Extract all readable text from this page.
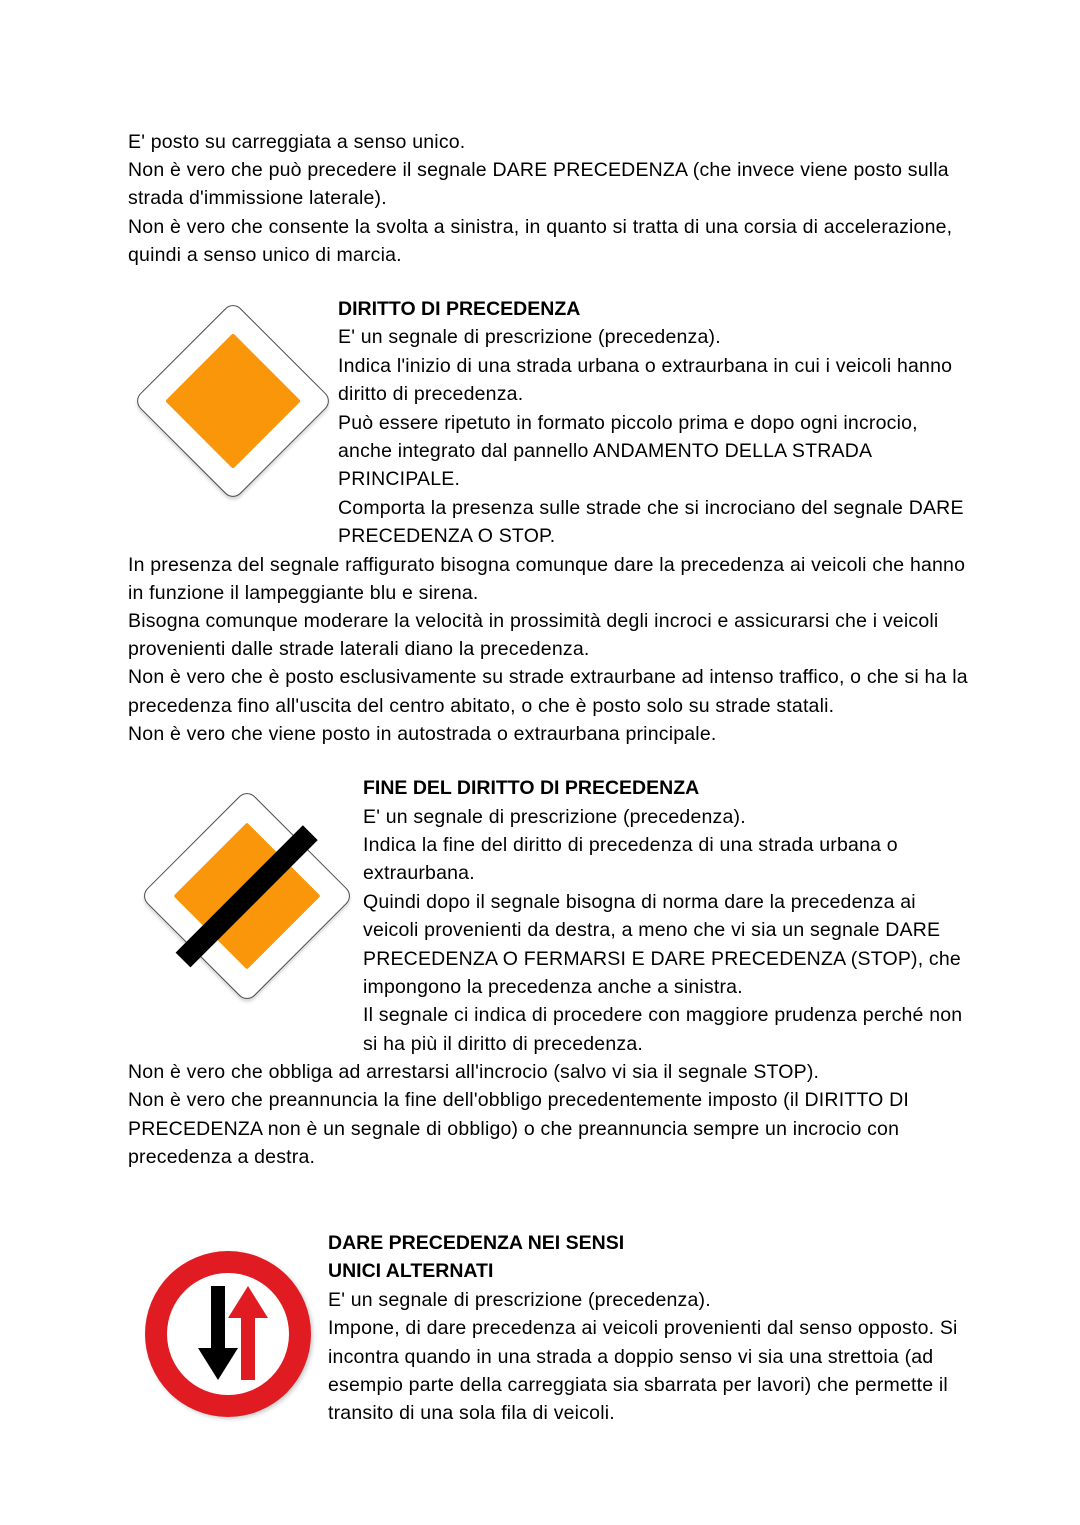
E' posto su carreggiata a senso unico.

Non è vero che può precedere il segnale DARE PRECEDENZA (che invece viene posto sulla strada d'immissione laterale).

Non è vero che consente la svolta a sinistra, in quanto si tratta di una corsia di accelerazione, quindi a senso unico di marcia.

DIRITTO DI PRECEDENZA

E' un segnale di prescrizione (precedenza).

Indica l'inizio di una strada urbana o extraurbana in cui i veicoli hanno diritto di precedenza.

Può essere ripetuto in formato piccolo prima e dopo ogni incrocio, anche integrato dal pannello ANDAMENTO DELLA STRADA PRINCIPALE.

Comporta la presenza sulle strade che si incrociano del segnale DARE PRECEDENZA O STOP.

In presenza del segnale raffigurato bisogna comunque dare la precedenza ai veicoli che hanno in funzione il lampeggiante blu e sirena.

Bisogna comunque moderare la velocità in prossimità degli incroci e assicurarsi che i veicoli provenienti dalle strade laterali diano la precedenza.

Non è vero che è posto esclusivamente su strade extraurbane ad intenso traffico, o che si ha la precedenza fino all'uscita del centro abitato, o che è posto solo su strade statali.

Non è vero che viene posto in autostrada o extraurbana principale.

FINE DEL DIRITTO DI PRECEDENZA

E' un segnale di prescrizione (precedenza).

Indica la fine del diritto di precedenza di una strada urbana o extraurbana.

Quindi dopo il segnale bisogna di norma dare la precedenza ai veicoli provenienti da destra, a meno che vi sia un segnale DARE PRECEDENZA O FERMARSI E DARE PRECEDENZA (STOP), che impongono la precedenza anche a sinistra.

Il segnale ci indica di procedere con maggiore prudenza perché non si ha più il diritto di precedenza.

Non è vero che obbliga ad arrestarsi all'incrocio (salvo vi sia il segnale STOP).

Non è vero che preannuncia la fine dell'obbligo precedentemente imposto (il DIRITTO DI PRECEDENZA non è un segnale di obbligo) o che preannuncia sempre un incrocio con precedenza a destra.

DARE PRECEDENZA NEI SENSI

UNICI ALTERNATI

E' un segnale di prescrizione (precedenza).

Impone, di dare precedenza ai veicoli provenienti dal senso opposto. Si incontra quando in una strada a doppio senso vi sia una strettoia (ad esempio parte della carreggiata sia sbarrata per lavori) che permette il transito di una sola fila di veicoli.
